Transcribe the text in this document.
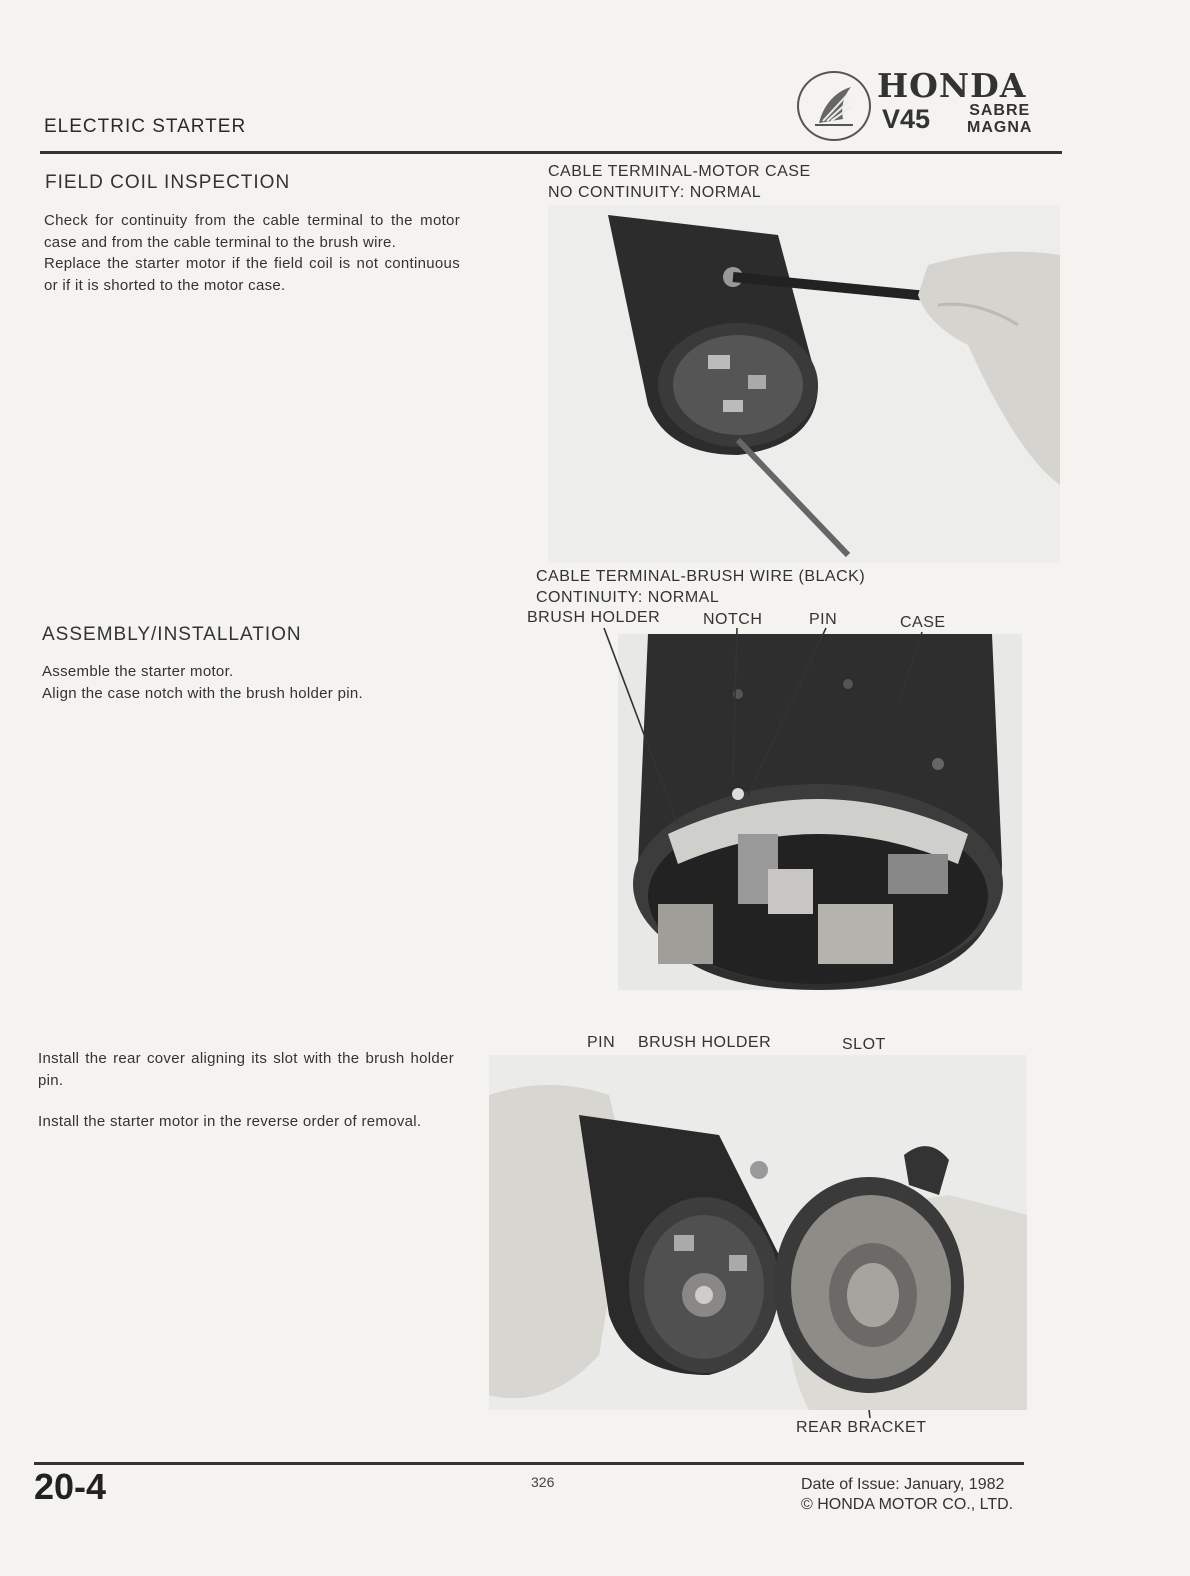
ELECTRIC STARTER
HONDA
V45 SABRE
MAGNA
FIELD COIL INSPECTION
Check for continuity from the cable terminal to the motor case and from the cable terminal to the brush wire.
Replace the starter motor if the field coil is not continuous or if it is shorted to the motor case.
CABLE TERMINAL-MOTOR CASE
NO CONTINUITY: NORMAL
CABLE TERMINAL-BRUSH WIRE (BLACK)
CONTINUITY: NORMAL
ASSEMBLY/INSTALLATION
Assemble the starter motor.
Align the case notch with the brush holder pin.
BRUSH HOLDER	NOTCH	PIN	CASE
Install the rear cover aligning its slot with the brush holder pin.
Install the starter motor in the reverse order of removal.
PIN BRUSH HOLDER	SLOT
REAR BRACKET
20-4	326	Date of Issue: January, 1982
© HONDA MOTOR CO., LTD.
